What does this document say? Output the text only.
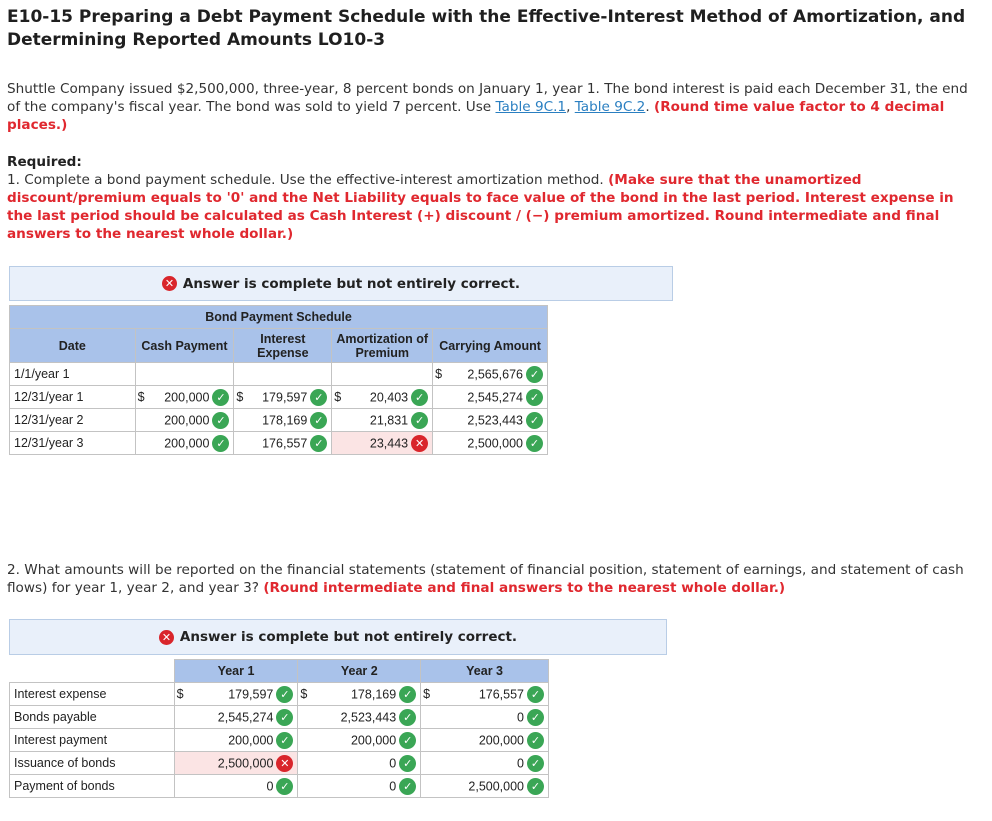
E10-15 Preparing a Debt Payment Schedule with the Effective-Interest Method of Amortization, and Determining Reported Amounts LO10-3
Shuttle Company issued $2,500,000, three-year, 8 percent bonds on January 1, year 1. The bond interest is paid each December 31, the end of the company's fiscal year. The bond was sold to yield 7 percent. Use Table 9C.1, Table 9C.2. (Round time value factor to 4 decimal places.)
Required:
1. Complete a bond payment schedule. Use the effective-interest amortization method. (Make sure that the unamortized discount/premium equals to '0' and the Net Liability equals to face value of the bond in the last period. Interest expense in the last period should be calculated as Cash Interest (+) discount / (−) premium amortized. Round intermediate and final answers to the nearest whole dollar.)
✕ Answer is complete but not entirely correct.
Bond Payment Schedule								
Date	Cash Payment		Interest Expense		Amortization of Premium		Carrying Amount	
1/1/year 1							$	2,565,676 ✓
12/31/year 1	$	200,000 ✓	$	179,597 ✓	$	20,403 ✓		2,545,274 ✓
12/31/year 2		200,000 ✓		178,169 ✓		21,831 ✓		2,523,443 ✓
12/31/year 3		200,000 ✓		176,557 ✓		23,443 ✕		2,500,000 ✓
2. What amounts will be reported on the financial statements (statement of financial position, statement of earnings, and statement of cash flows) for year 1, year 2, and year 3? (Round intermediate and final answers to the nearest whole dollar.)
✕ Answer is complete but not entirely correct.
	Year 1		Year 2		Year 3	
Interest expense	$	179,597 ✓	$	178,169 ✓	$	176,557 ✓
Bonds payable		2,545,274 ✓		2,523,443 ✓		0 ✓
Interest payment		200,000 ✓		200,000 ✓		200,000 ✓
Issuance of bonds		2,500,000 ✕		0 ✓		0 ✓
Payment of bonds		0 ✓		0 ✓		2,500,000 ✓
